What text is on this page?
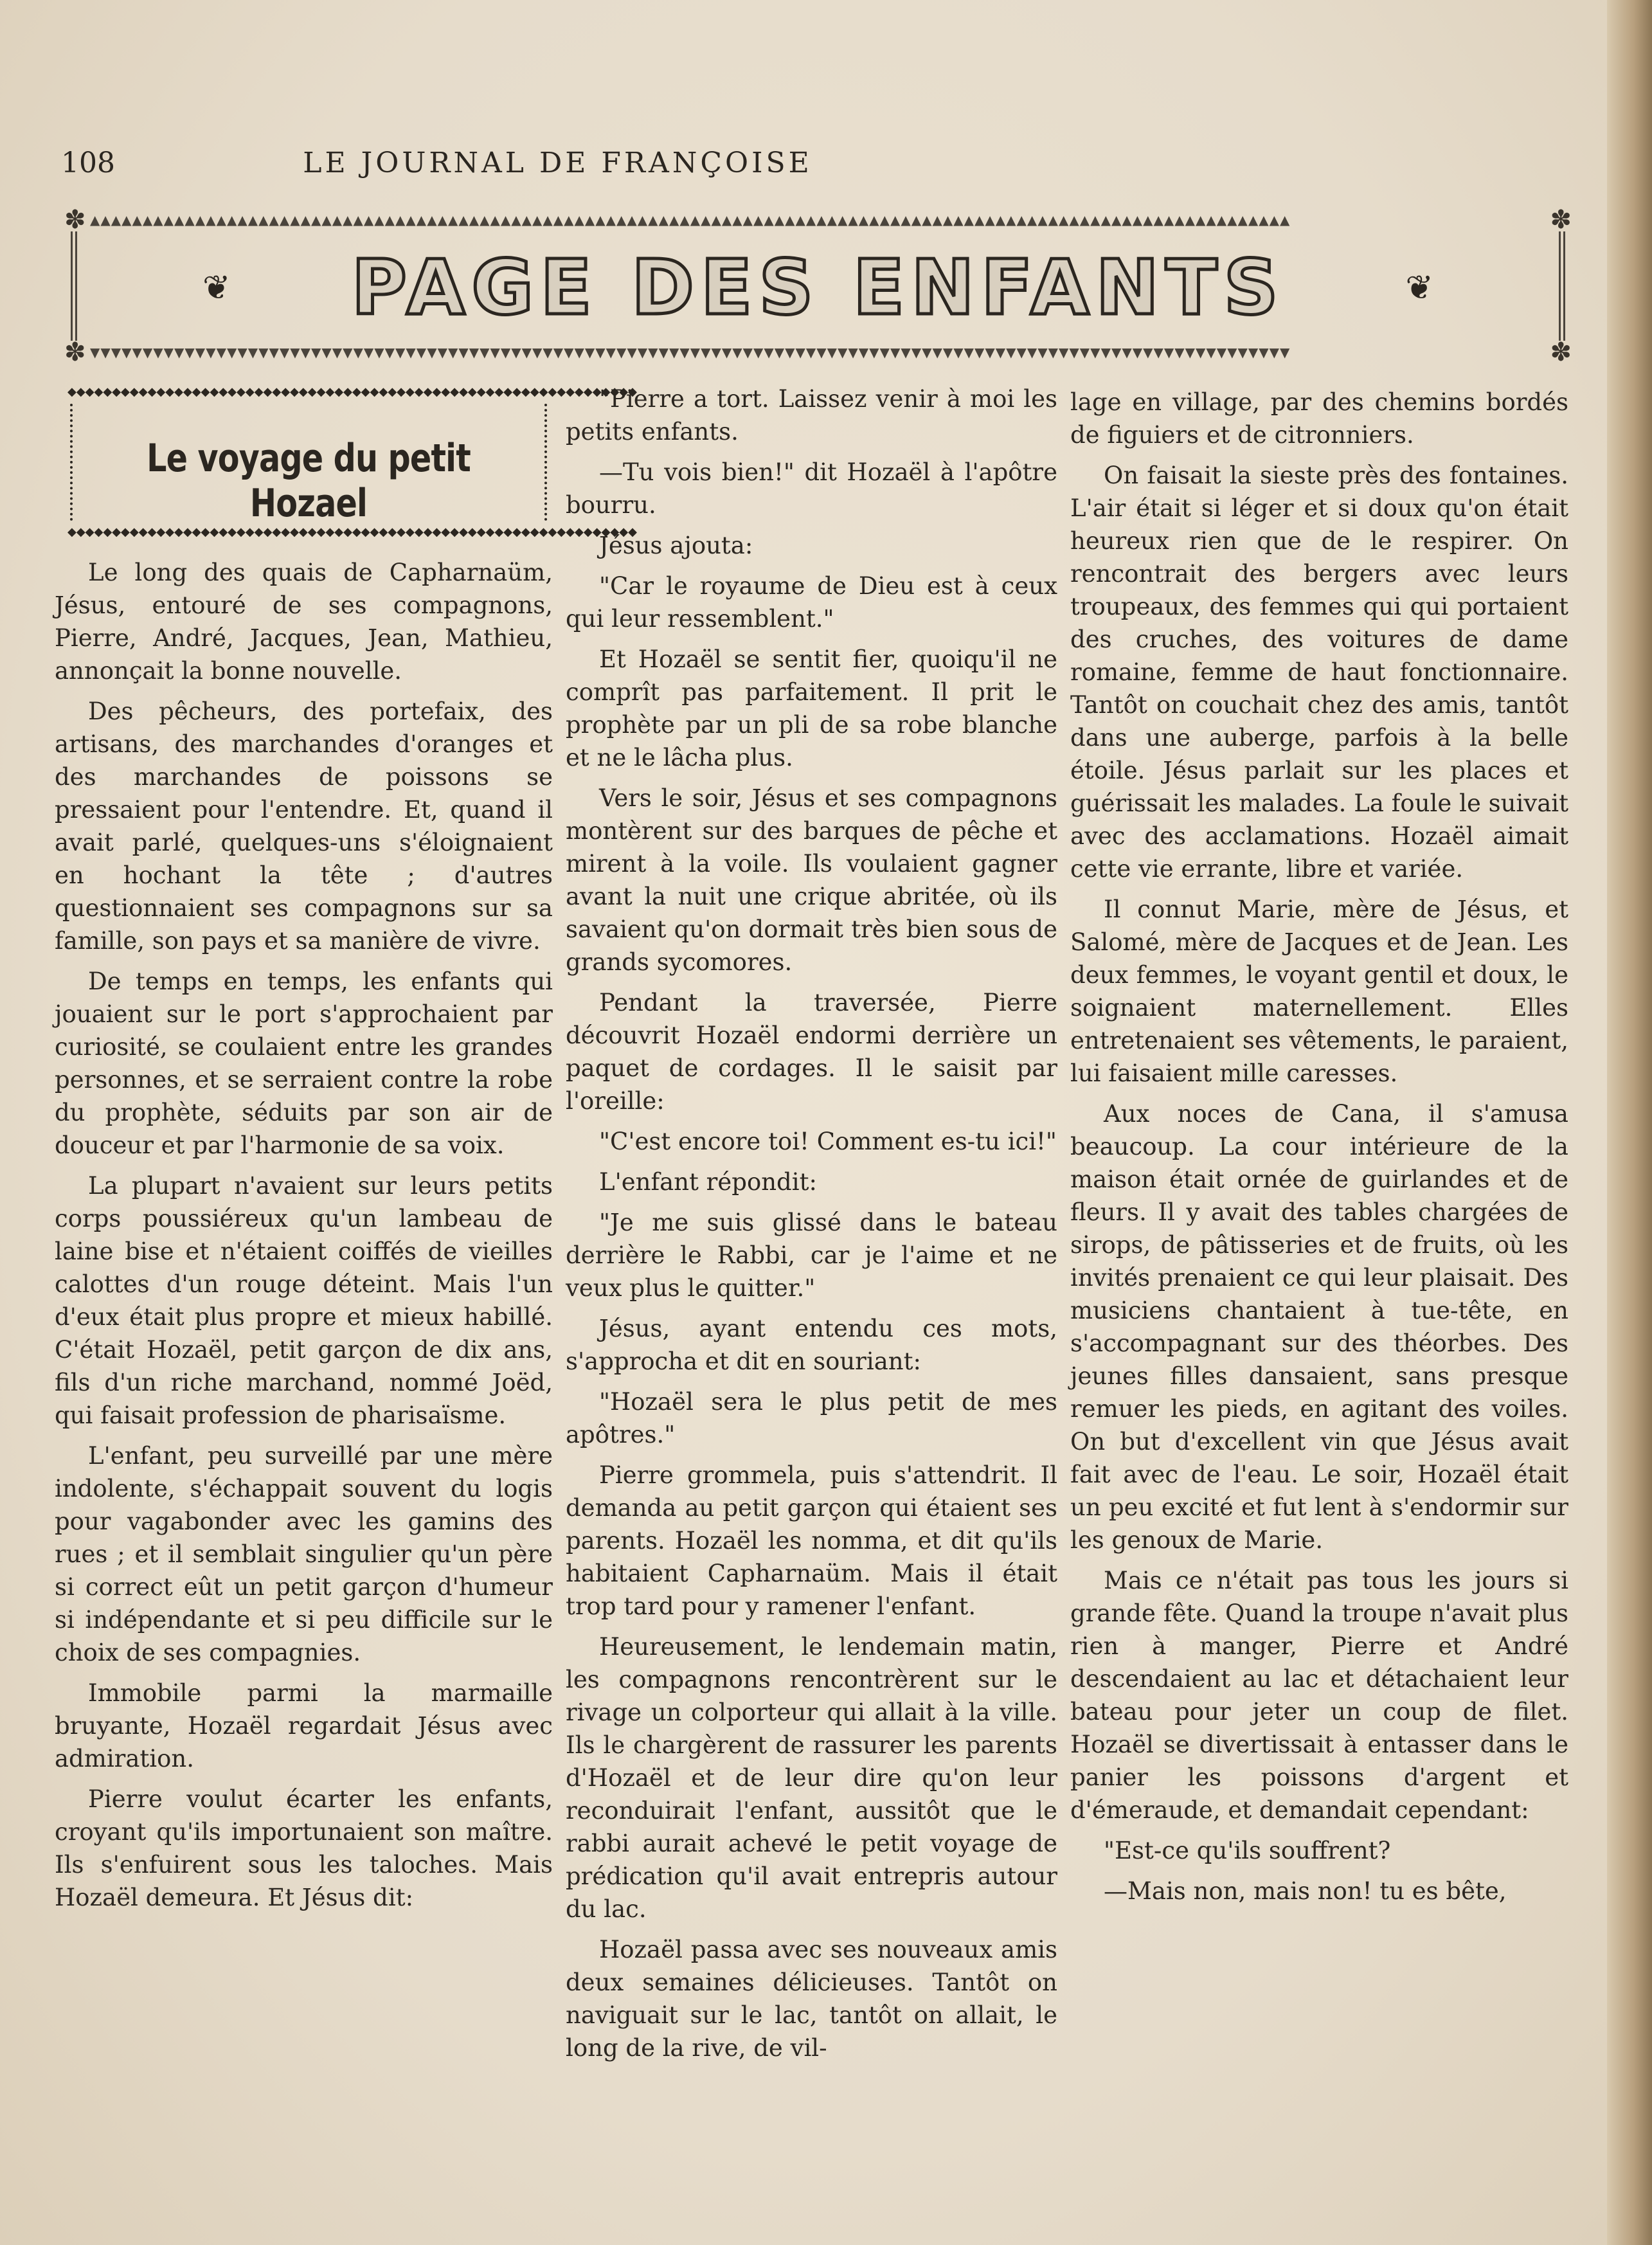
108	LE JOURNAL DE FRANÇOISE
✽	✽
✽	✽
▲▲▲▲▲▲▲▲▲▲▲▲▲▲▲▲▲▲▲▲▲▲▲▲▲▲▲▲▲▲▲▲▲▲▲▲▲▲▲▲▲▲▲▲▲▲▲▲▲▲▲▲▲▲▲▲▲▲▲▲▲▲▲▲▲▲▲▲▲▲▲▲▲▲▲▲▲▲▲▲▲▲▲▲▲▲▲▲▲▲▲▲▲▲▲▲▲▲▲▲▲▲▲▲▲▲▲▲▲▲▲▲▲▲
▼▼▼▼▼▼▼▼▼▼▼▼▼▼▼▼▼▼▼▼▼▼▼▼▼▼▼▼▼▼▼▼▼▼▼▼▼▼▼▼▼▼▼▼▼▼▼▼▼▼▼▼▼▼▼▼▼▼▼▼▼▼▼▼▼▼▼▼▼▼▼▼▼▼▼▼▼▼▼▼▼▼▼▼▼▼▼▼▼▼▼▼▼▼▼▼▼▼▼▼▼▼▼▼▼▼▼▼▼▼▼▼▼▼
❦	❦
PAGE DES ENFANTS
◆◆◆◆◆◆◆◆◆◆◆◆◆◆◆◆◆◆◆◆◆◆◆◆◆◆◆◆◆◆◆◆◆◆◆◆◆◆◆◆◆◆◆◆◆◆◆◆◆◆◆◆◆◆◆◆◆◆◆◆◆◆◆◆
◆◆◆◆◆◆◆◆◆◆◆◆◆◆◆◆◆◆◆◆◆◆◆◆◆◆◆◆◆◆◆◆◆◆◆◆◆◆◆◆◆◆◆◆◆◆◆◆◆◆◆◆◆◆◆◆◆◆◆◆◆◆◆◆
Le voyage du petit Hozael

Le long des quais de Capharnaüm, Jésus, entouré de ses compagnons, Pierre, André, Jacques, Jean, Mathieu, annonçait la bonne nouvelle.

Des pêcheurs, des portefaix, des artisans, des marchandes d'oranges et des marchandes de poissons se pressaient pour l'entendre. Et, quand il avait parlé, quelques-uns s'éloignaient en hochant la tête ; d'autres questionnaient ses compagnons sur sa famille, son pays et sa manière de vivre.

De temps en temps, les enfants qui jouaient sur le port s'approchaient par curiosité, se coulaient entre les grandes personnes, et se serraient contre la robe du prophète, séduits par son air de douceur et par l'harmonie de sa voix.

La plupart n'avaient sur leurs petits corps poussiéreux qu'un lambeau de laine bise et n'étaient coiffés de vieilles calottes d'un rouge déteint. Mais l'un d'eux était plus propre et mieux habillé. C'était Hozaël, petit garçon de dix ans, fils d'un riche marchand, nommé Joëd, qui faisait profession de pharisaïsme.

L'enfant, peu surveillé par une mère indolente, s'échappait souvent du logis pour vagabonder avec les gamins des rues ; et il semblait singulier qu'un père si correct eût un petit garçon d'humeur si indépendante et si peu difficile sur le choix de ses compagnies.

Immobile parmi la marmaille bruyante, Hozaël regardait Jésus avec admiration.

Pierre voulut écarter les enfants, croyant qu'ils importunaient son maître. Ils s'enfuirent sous les taloches. Mais Hozaël demeura. Et Jésus dit:

"Pierre a tort. Laissez venir à moi les petits enfants.

—Tu vois bien!" dit Hozaël à l'apôtre bourru.

Jésus ajouta:

"Car le royaume de Dieu est à ceux qui leur ressemblent."

Et Hozaël se sentit fier, quoiqu'il ne comprît pas parfaitement. Il prit le prophète par un pli de sa robe blanche et ne le lâcha plus.

Vers le soir, Jésus et ses compagnons montèrent sur des barques de pêche et mirent à la voile. Ils voulaient gagner avant la nuit une crique abritée, où ils savaient qu'on dormait très bien sous de grands sycomores.

Pendant la traversée, Pierre découvrit Hozaël endormi derrière un paquet de cordages. Il le saisit par l'oreille:

"C'est encore toi! Comment es-tu ici!"

L'enfant répondit:

"Je me suis glissé dans le bateau derrière le Rabbi, car je l'aime et ne veux plus le quitter."

Jésus, ayant entendu ces mots, s'approcha et dit en souriant:

"Hozaël sera le plus petit de mes apôtres."

Pierre grommela, puis s'attendrit. Il demanda au petit garçon qui étaient ses parents. Hozaël les nomma, et dit qu'ils habitaient Capharnaüm. Mais il était trop tard pour y ramener l'enfant.

Heureusement, le lendemain matin, les compagnons rencontrèrent sur le rivage un colporteur qui allait à la ville. Ils le chargèrent de rassurer les parents d'Hozaël et de leur dire qu'on leur reconduirait l'enfant, aussitôt que le rabbi aurait achevé le petit voyage de prédication qu'il avait entrepris autour du lac.

Hozaël passa avec ses nouveaux amis deux semaines délicieuses. Tantôt on naviguait sur le lac, tantôt on allait, le long de la rive, de vil-

lage en village, par des chemins bordés de figuiers et de citronniers.

On faisait la sieste près des fontaines. L'air était si léger et si doux qu'on était heureux rien que de le respirer. On rencontrait des bergers avec leurs troupeaux, des femmes qui qui portaient des cruches, des voitures de dame romaine, femme de haut fonctionnaire. Tantôt on couchait chez des amis, tantôt dans une auberge, parfois à la belle étoile. Jésus parlait sur les places et guérissait les malades. La foule le suivait avec des acclamations. Hozaël aimait cette vie errante, libre et variée.

Il connut Marie, mère de Jésus, et Salomé, mère de Jacques et de Jean. Les deux femmes, le voyant gentil et doux, le soignaient maternellement. Elles entretenaient ses vêtements, le paraient, lui faisaient mille caresses.

Aux noces de Cana, il s'amusa beaucoup. La cour intérieure de la maison était ornée de guirlandes et de fleurs. Il y avait des tables chargées de sirops, de pâtisseries et de fruits, où les invités prenaient ce qui leur plaisait. Des musiciens chantaient à tue-tête, en s'accompagnant sur des théorbes. Des jeunes filles dansaient, sans presque remuer les pieds, en agitant des voiles. On but d'excellent vin que Jésus avait fait avec de l'eau. Le soir, Hozaël était un peu excité et fut lent à s'endormir sur les genoux de Marie.

Mais ce n'était pas tous les jours si grande fête. Quand la troupe n'avait plus rien à manger, Pierre et André descendaient au lac et détachaient leur bateau pour jeter un coup de filet. Hozaël se divertissait à entasser dans le panier les poissons d'argent et d'émeraude, et demandait cependant:

"Est-ce qu'ils souffrent?

—Mais non, mais non! tu es bête,
